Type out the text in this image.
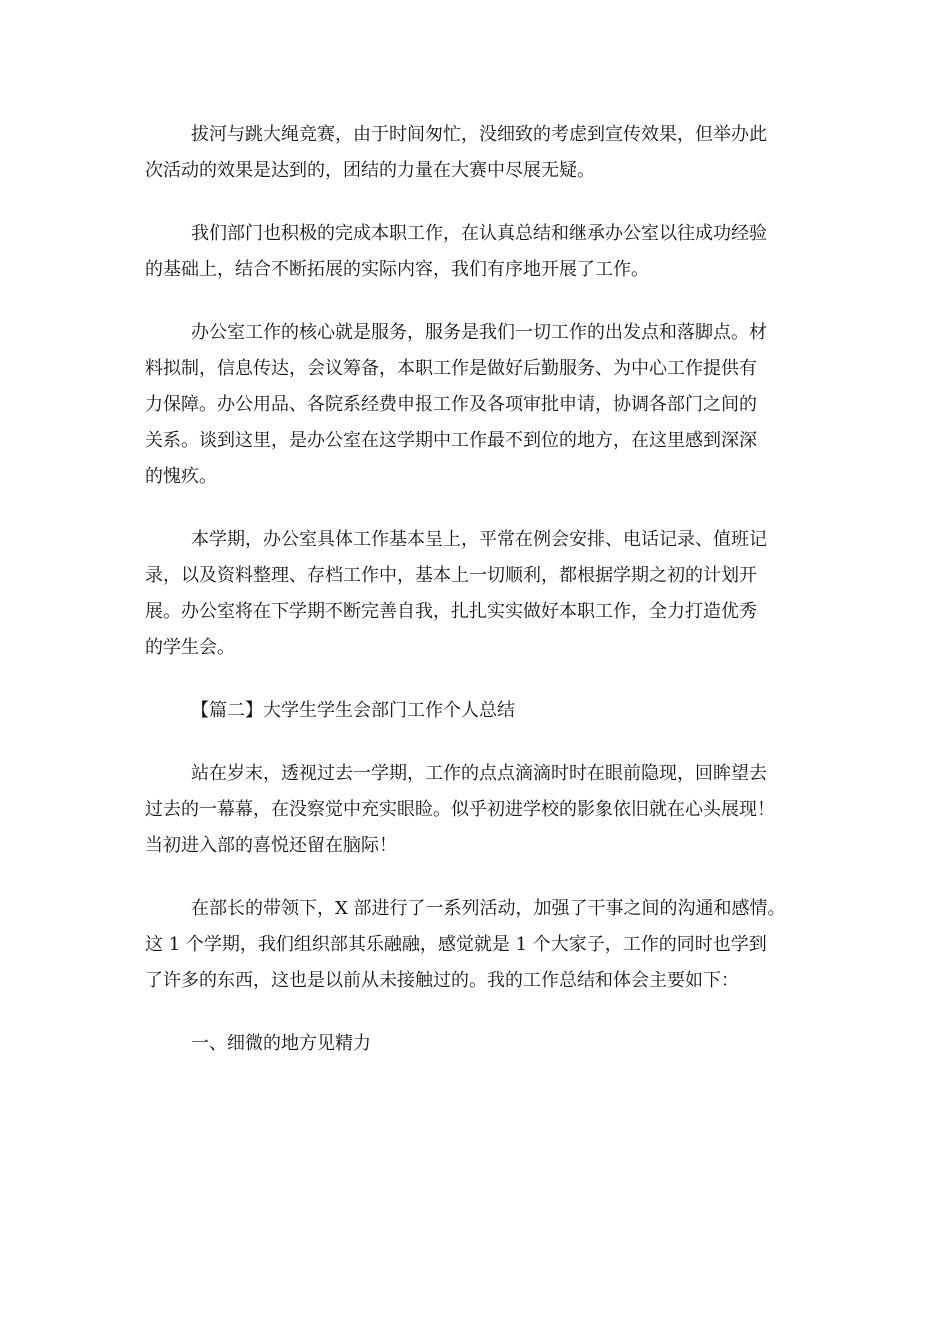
拔河与跳大绳竞赛，由于时间匆忙，没细致的考虑到宣传效果，但举办此
次活动的效果是达到的，团结的力量在大赛中尽展无疑。
我们部门也积极的完成本职工作，在认真总结和继承办公室以往成功经验
的基础上，结合不断拓展的实际内容，我们有序地开展了工作。
办公室工作的核心就是服务，服务是我们一切工作的出发点和落脚点。材
料拟制，信息传达，会议筹备，本职工作是做好后勤服务、为中心工作提供有
力保障。办公用品、各院系经费申报工作及各项审批申请，协调各部门之间的
关系。谈到这里，是办公室在这学期中工作最不到位的地方，在这里感到深深
的愧疚。
本学期，办公室具体工作基本呈上，平常在例会安排、电话记录、值班记
录，以及资料整理、存档工作中，基本上一切顺利，都根据学期之初的计划开
展。办公室将在下学期不断完善自我，扎扎实实做好本职工作，全力打造优秀
的学生会。
【篇二】大学生学生会部门工作个人总结
站在岁末，透视过去一学期，工作的点点滴滴时时在眼前隐现，回眸望去
过去的一幕幕，在没察觉中充实眼睑。似乎初进学校的影象依旧就在心头展现！
当初进入部的喜悦还留在脑际！
在部长的带领下，X 部进行了一系列活动，加强了干事之间的沟通和感情。
这 1 个学期，我们组织部其乐融融，感觉就是 1 个大家子，工作的同时也学到
了许多的东西，这也是以前从未接触过的。我的工作总结和体会主要如下：
一、细微的地方见精力
